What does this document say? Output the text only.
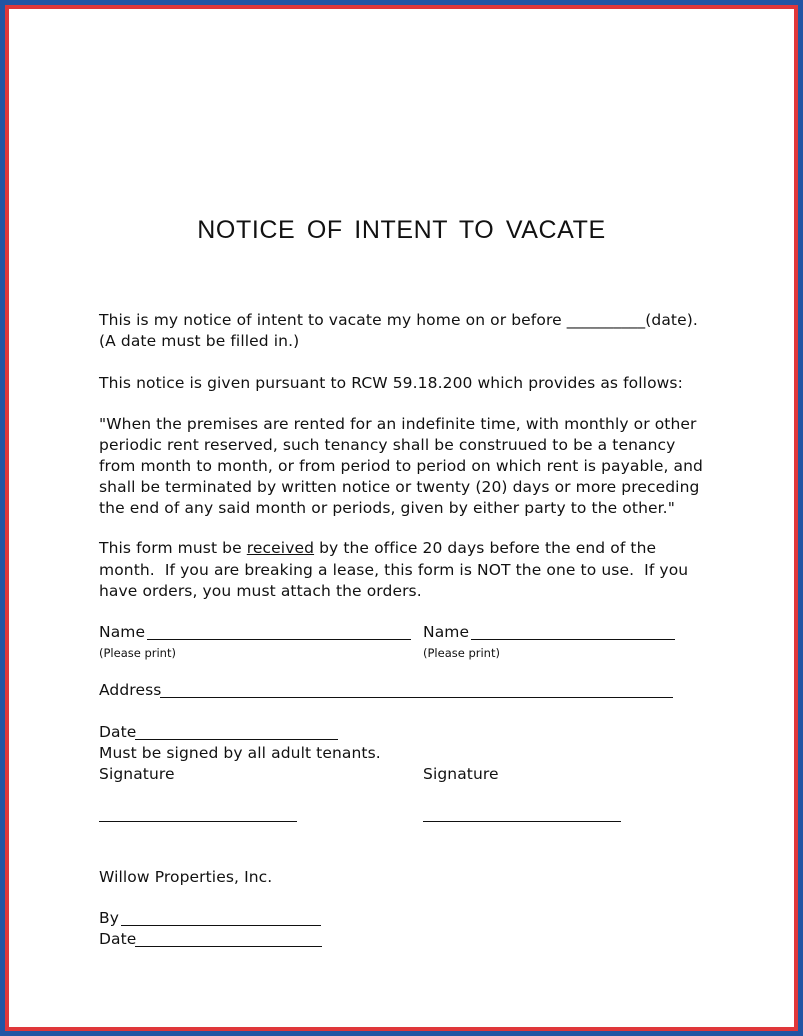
NOTICE OF INTENT TO VACATE
This is my notice of intent to vacate my home on or before __________(date).
(A date must be filled in.)
This notice is given pursuant to RCW 59.18.200 which provides as follows:
"When the premises are rented for an indefinite time, with monthly or other
periodic rent reserved, such tenancy shall be construued to be a tenancy
from month to month, or from period to period on which rent is payable, and
shall be terminated by written notice or twenty (20) days or more preceding
the end of any said month or periods, given by either party to the other."
This form must be received by the office 20 days before the end of the
month.  If you are breaking a lease, this form is NOT the one to use.  If you
have orders, you must attach the orders.
Name
(Please print)
Name
(Please print)
Address
Date
Must be signed by all adult tenants.
Signature	Signature
Willow Properties, Inc.
By
Date
